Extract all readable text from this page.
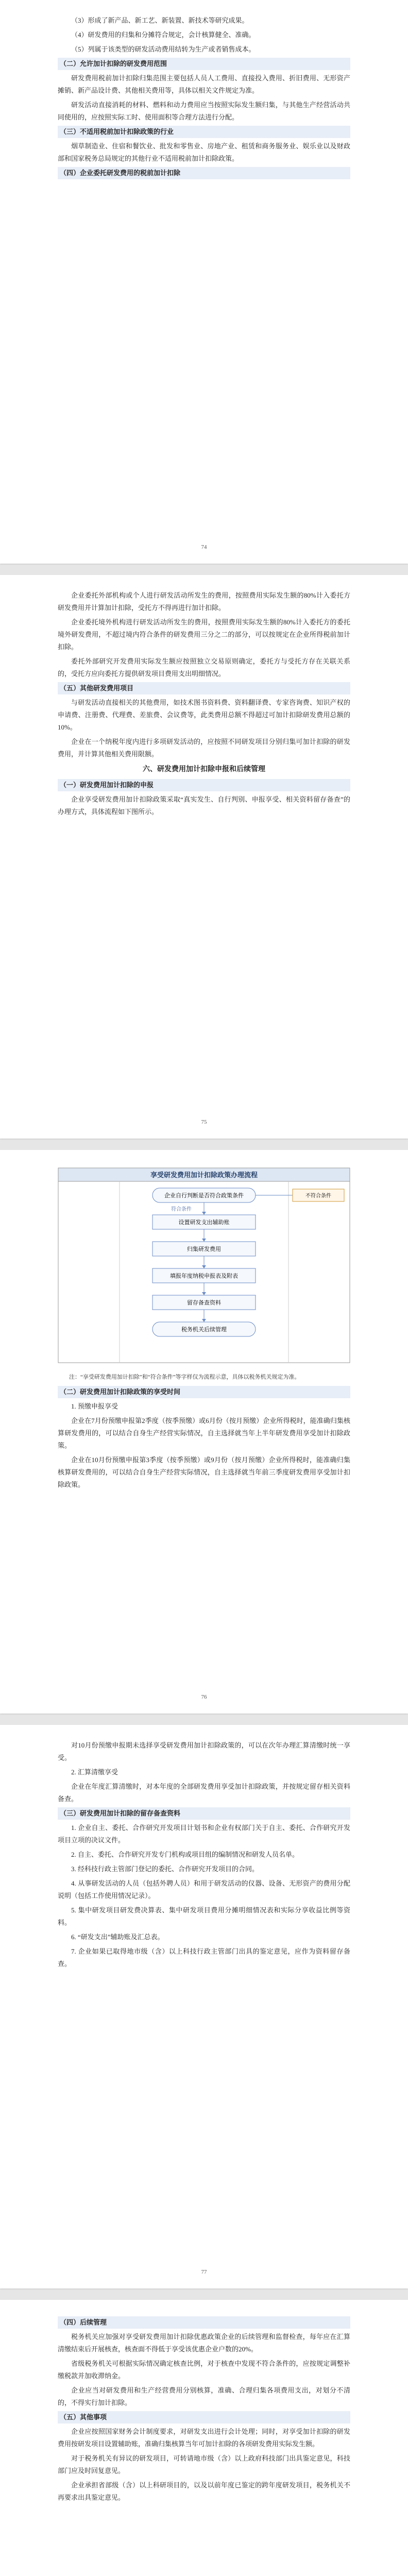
（3）形成了新产品、新工艺、新装置、新技术等研究成果。

（4）研发费用的归集和分摊符合规定，会计核算健全、准确。

（5）列属于该类型的研发活动费用结转为生产或者销售成本。

（二）允许加计扣除的研发费用范围

研发费用税前加计扣除归集范围主要包括人员人工费用、直接投入费用、折旧费用、无形资产摊销、新产品设计费、其他相关费用等，具体以相关文件规定为准。

研发活动直接消耗的材料、燃料和动力费用应当按照实际发生额归集，与其他生产经营活动共同使用的，应按照实际工时、使用面积等合理方法进行分配。

（三）不适用税前加计扣除政策的行业

烟草制造业、住宿和餐饮业、批发和零售业、房地产业、租赁和商务服务业、娱乐业以及财政部和国家税务总局规定的其他行业不适用税前加计扣除政策。

（四）企业委托研发费用的税前加计扣除

74

企业委托外部机构或个人进行研发活动所发生的费用，按照费用实际发生额的80%计入委托方研发费用并计算加计扣除，受托方不得再进行加计扣除。

企业委托境外机构进行研发活动所发生的费用，按照费用实际发生额的80%计入委托方的委托境外研发费用，不超过境内符合条件的研发费用三分之二的部分，可以按规定在企业所得税前加计扣除。

委托外部研究开发费用实际发生额应按照独立交易原则确定，委托方与受托方存在关联关系的，受托方应向委托方提供研发项目费用支出明细情况。

（五）其他研发费用项目

与研发活动直接相关的其他费用，如技术图书资料费、资料翻译费、专家咨询费、知识产权的申请费、注册费、代理费、差旅费、会议费等，此类费用总额不得超过可加计扣除研发费用总额的10%。

企业在一个纳税年度内进行多项研发活动的，应按照不同研发项目分别归集可加计扣除的研发费用，并计算其他相关费用限额。

六、研发费用加计扣除申报和后续管理

（一）研发费用加计扣除的申报

企业享受研发费用加计扣除政策采取“真实发生、自行判别、申报享受、相关资料留存备查”的办理方式，具体流程如下图所示。

75
享受研发费用加计扣除政策办理流程
企业自行判断是否符合政策条件
设置研发支出辅助账
归集研发费用
填报年度纳税申报表及附表
留存备查资料
税务机关后续管理
不符合条件
符合条件

注：“享受研发费用加计扣除”和“符合条件”等字样仅为流程示意，具体以税务机关规定为准。

（二）研发费用加计扣除政策的享受时间

1. 预缴申报享受

企业在7月份预缴申报第2季度（按季预缴）或6月份（按月预缴）企业所得税时，能准确归集核算研发费用的，可以结合自身生产经营实际情况，自主选择就当年上半年研发费用享受加计扣除政策。

企业在10月份预缴申报第3季度（按季预缴）或9月份（按月预缴）企业所得税时，能准确归集核算研发费用的，可以结合自身生产经营实际情况，自主选择就当年前三季度研发费用享受加计扣除政策。

76

对10月份预缴申报期未选择享受研发费用加计扣除政策的，可以在次年办理汇算清缴时统一享受。

2. 汇算清缴享受

企业在年度汇算清缴时，对本年度的全部研发费用享受加计扣除政策，并按规定留存相关资料备查。

（三）研发费用加计扣除的留存备查资料

1. 企业自主、委托、合作研究开发项目计划书和企业有权部门关于自主、委托、合作研究开发项目立项的决议文件。

2. 自主、委托、合作研究开发专门机构或项目组的编制情况和研发人员名单。

3. 经科技行政主管部门登记的委托、合作研究开发项目的合同。

4. 从事研发活动的人员（包括外聘人员）和用于研发活动的仪器、设备、无形资产的费用分配说明（包括工作使用情况记录）。

5. 集中研发项目研发费决算表、集中研发项目费用分摊明细情况表和实际分享收益比例等资料。

6. “研发支出”辅助账及汇总表。

7. 企业如果已取得地市级（含）以上科技行政主管部门出具的鉴定意见，应作为资料留存备查。

77

（四）后续管理

税务机关应加强对享受研发费用加计扣除优惠政策企业的后续管理和监督检查，每年应在汇算清缴结束后开展核查，核查面不得低于享受该优惠企业户数的20%。

省级税务机关可根据实际情况确定核查比例，对于核查中发现不符合条件的，应按规定调整补缴税款并加收滞纳金。

企业应当对研发费用和生产经营费用分别核算，准确、合理归集各项费用支出，对划分不清的，不得实行加计扣除。

（五）其他事项

企业应按照国家财务会计制度要求，对研发支出进行会计处理；同时，对享受加计扣除的研发费用按研发项目设置辅助账，准确归集核算当年可加计扣除的各项研发费用实际发生额。

对于税务机关有异议的研发项目，可转请地市级（含）以上政府科技部门出具鉴定意见，科技部门应及时回复意见。

企业承担省部级（含）以上科研项目的，以及以前年度已鉴定的跨年度研发项目，税务机关不再要求出具鉴定意见。
